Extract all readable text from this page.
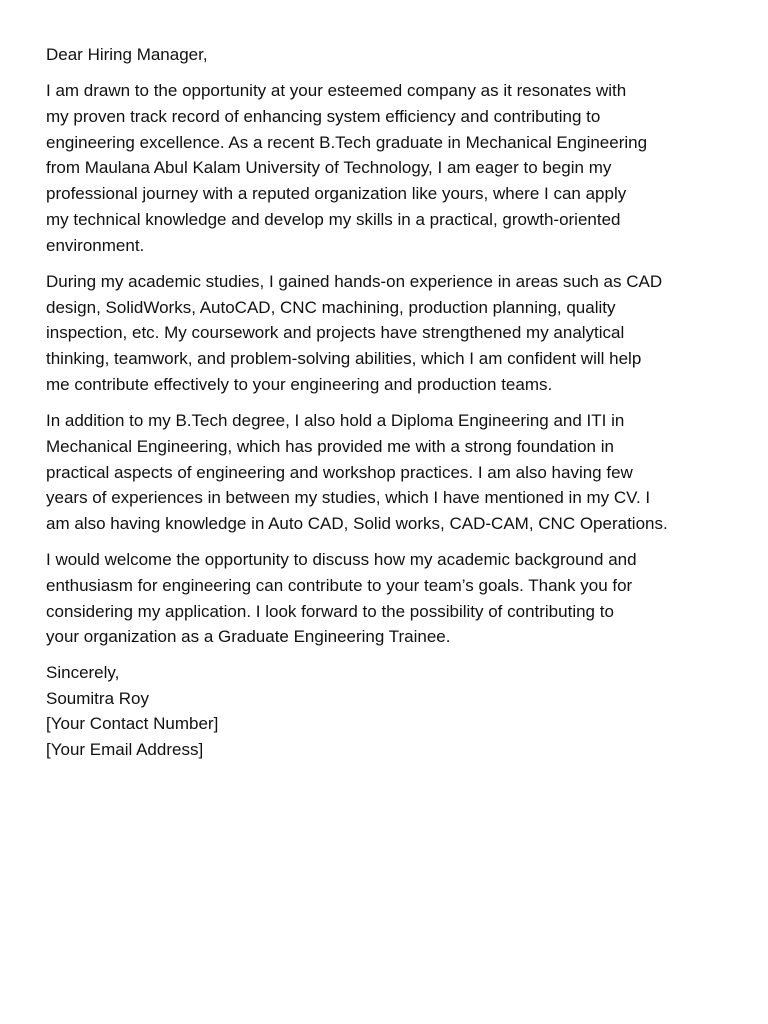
Dear Hiring Manager,
I am drawn to the opportunity at your esteemed company as it resonates with
my proven track record of enhancing system efficiency and contributing to
engineering excellence. As a recent B.Tech graduate in Mechanical Engineering
from Maulana Abul Kalam University of Technology, I am eager to begin my
professional journey with a reputed organization like yours, where I can apply
my technical knowledge and develop my skills in a practical, growth-oriented
environment.
During my academic studies, I gained hands-on experience in areas such as CAD
design, SolidWorks, AutoCAD, CNC machining, production planning, quality
inspection, etc. My coursework and projects have strengthened my analytical
thinking, teamwork, and problem-solving abilities, which I am confident will help
me contribute effectively to your engineering and production teams.
In addition to my B.Tech degree, I also hold a Diploma Engineering and ITI in
Mechanical Engineering, which has provided me with a strong foundation in
practical aspects of engineering and workshop practices. I am also having few
years of experiences in between my studies, which I have mentioned in my CV. I
am also having knowledge in Auto CAD, Solid works, CAD-CAM, CNC Operations.
I would welcome the opportunity to discuss how my academic background and
enthusiasm for engineering can contribute to your team’s goals. Thank you for
considering my application. I look forward to the possibility of contributing to
your organization as a Graduate Engineering Trainee.
Sincerely,
Soumitra Roy
[Your Contact Number]
[Your Email Address]
